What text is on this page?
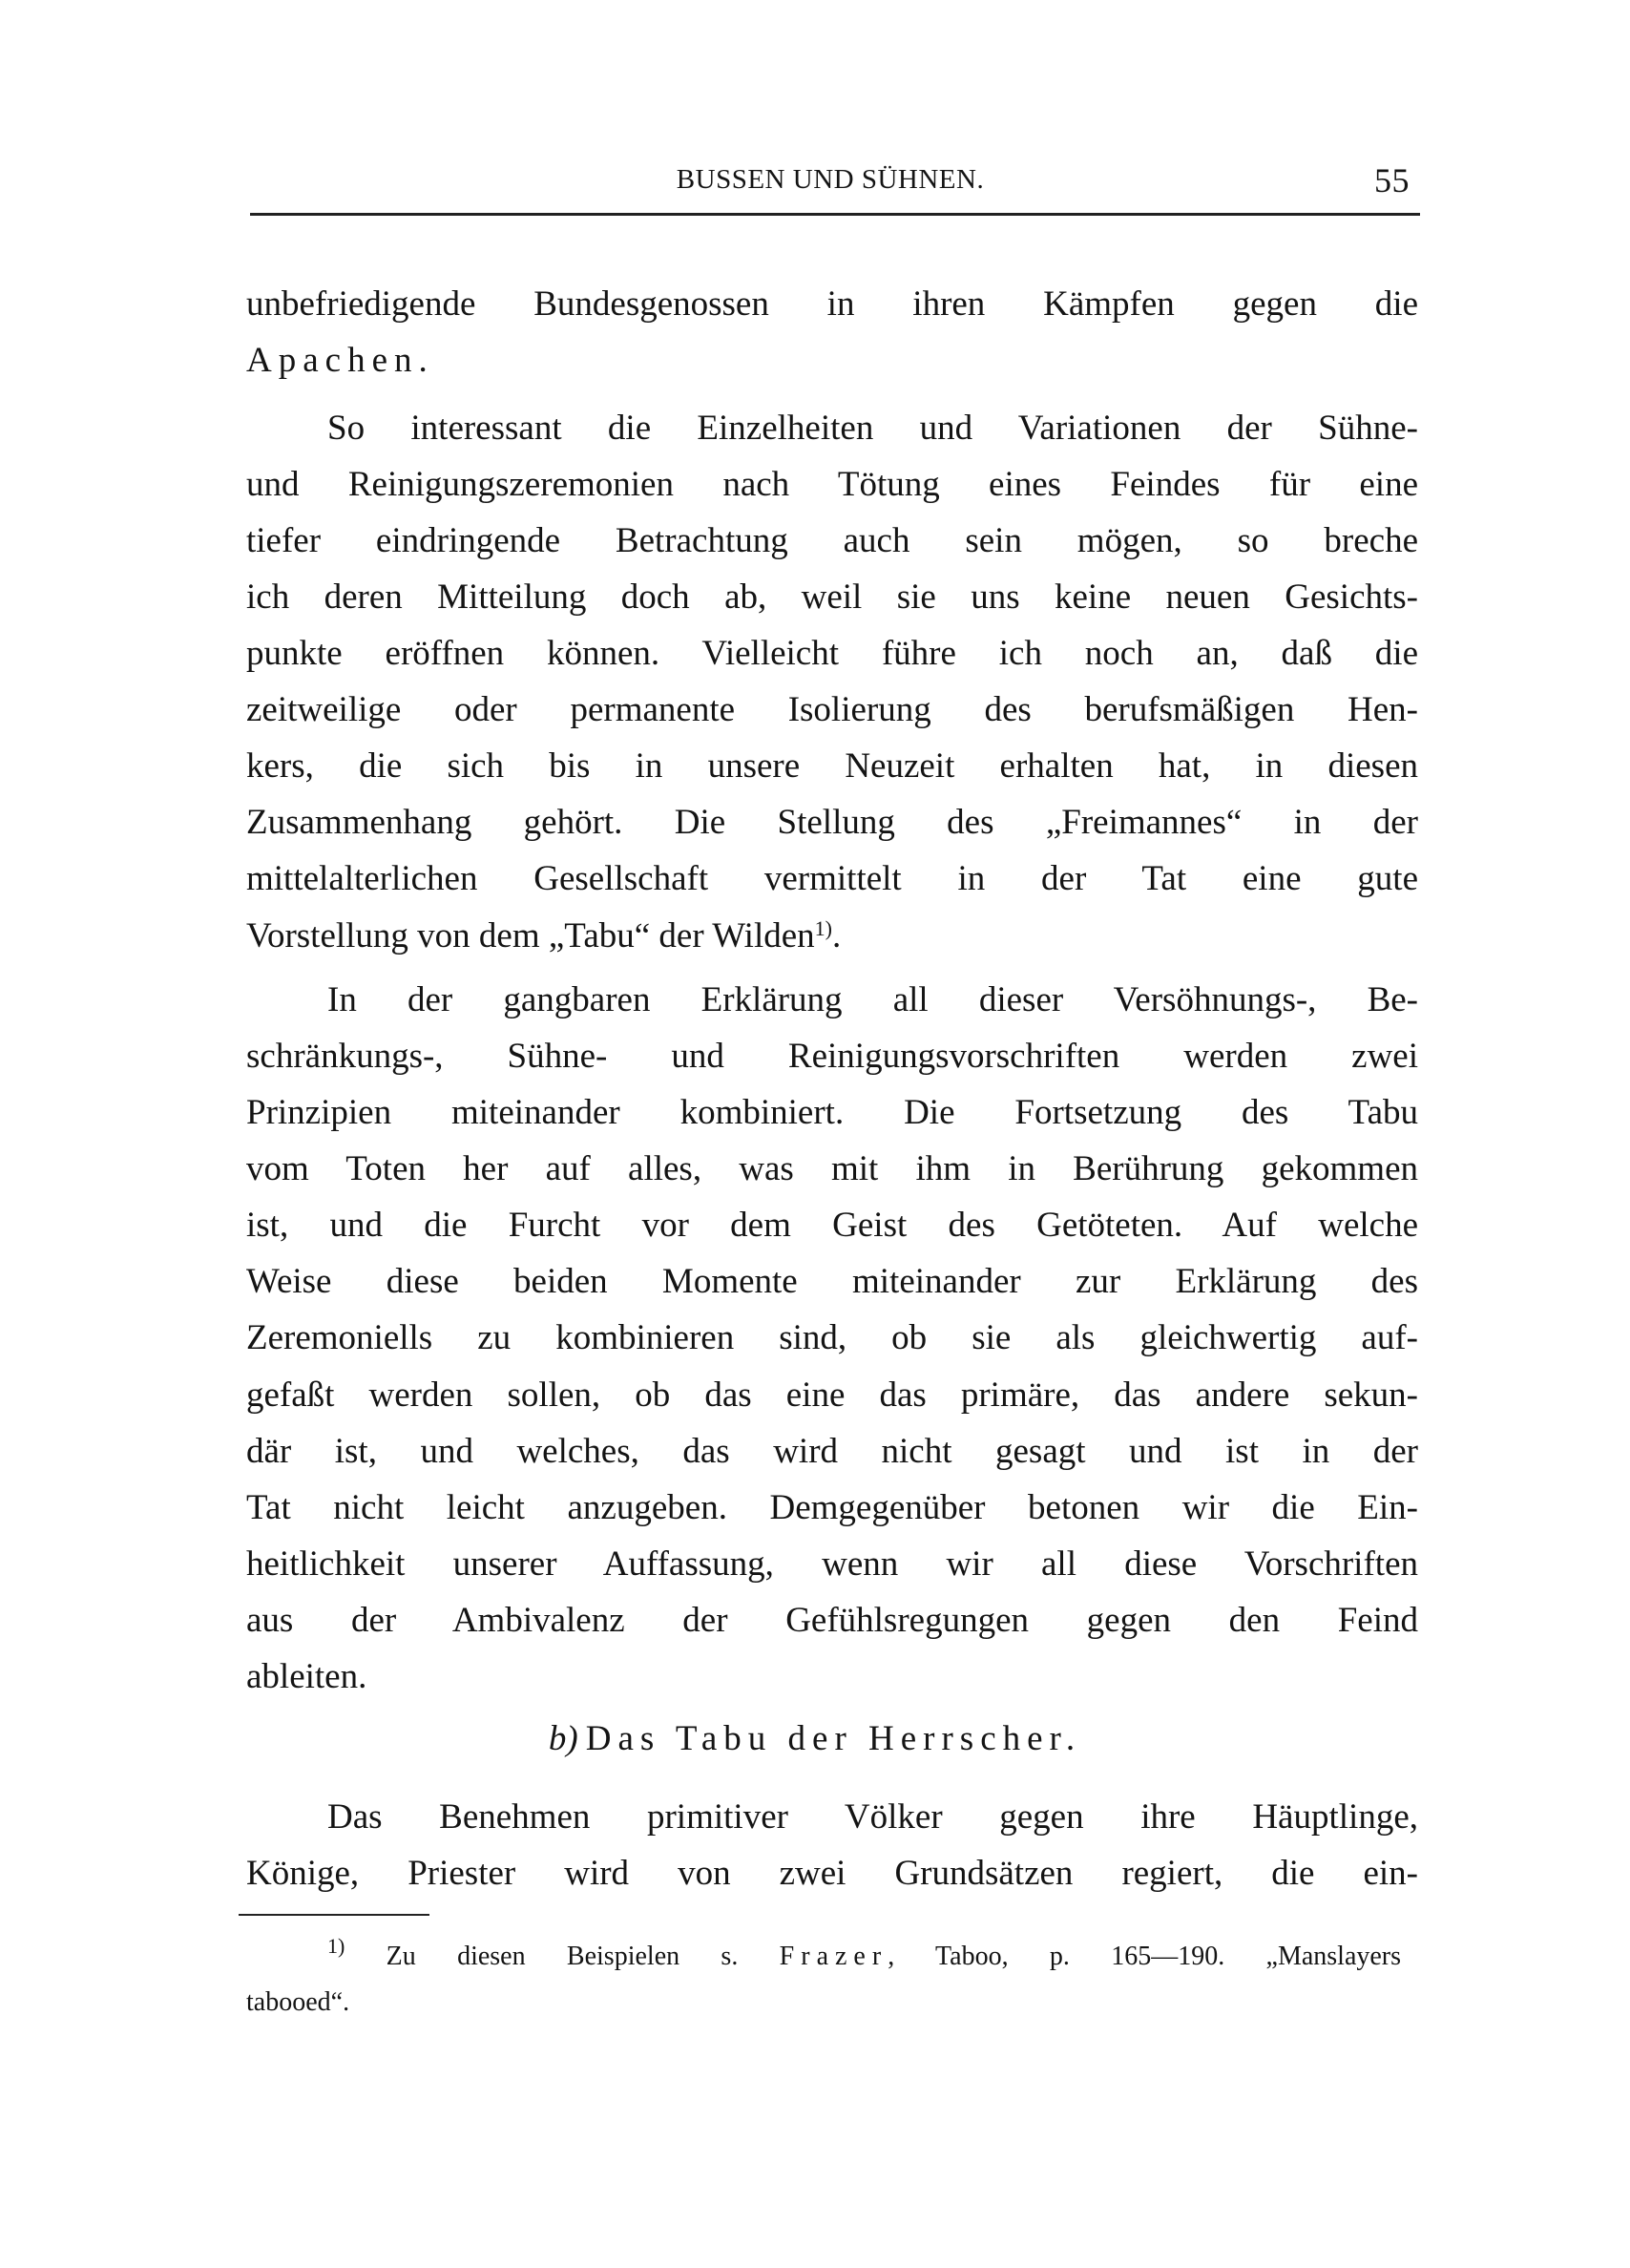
BUSSEN UND SÜHNEN.	55
unbefriedigende Bundesgenossen in ihren Kämpfen gegen die
Apachen.
So interessant die Einzelheiten und Variationen der Sühne-
und Reinigungszeremonien nach Tötung eines Feindes für eine
tiefer eindringende Betrachtung auch sein mögen, so breche
ich deren Mitteilung doch ab, weil sie uns keine neuen Gesichts-
punkte eröffnen können. Vielleicht führe ich noch an, daß die
zeitweilige oder permanente Isolierung des berufsmäßigen Hen-
kers, die sich bis in unsere Neuzeit erhalten hat, in diesen
Zusammenhang gehört. Die Stellung des „Freimannes“ in der
mittelalterlichen Gesellschaft vermittelt in der Tat eine gute
Vorstellung von dem „Tabu“ der Wilden$^{1)}$.
In der gangbaren Erklärung all dieser Versöhnungs-, Be-
schränkungs-, Sühne- und Reinigungsvorschriften werden zwei
Prinzipien miteinander kombiniert. Die Fortsetzung des Tabu
vom Toten her auf alles, was mit ihm in Berührung gekommen
ist, und die Furcht vor dem Geist des Getöteten. Auf welche
Weise diese beiden Momente miteinander zur Erklärung des
Zeremoniells zu kombinieren sind, ob sie als gleichwertig auf-
gefaßt werden sollen, ob das eine das primäre, das andere sekun-
där ist, und welches, das wird nicht gesagt und ist in der
Tat nicht leicht anzugeben. Demgegenüber betonen wir die Ein-
heitlichkeit unserer Auffassung, wenn wir all diese Vorschriften
aus der Ambivalenz der Gefühlsregungen gegen den Feind
ableiten.
Das Benehmen primitiver Völker gegen ihre Häuptlinge,
Könige, Priester wird von zwei Grundsätzen regiert, die ein-
b) Das Tabu der Herrscher.
$^{1)}$ Zu diesen Beispielen s. Frazer, Taboo, p. 165—190. „Manslayers
tabooed“.
